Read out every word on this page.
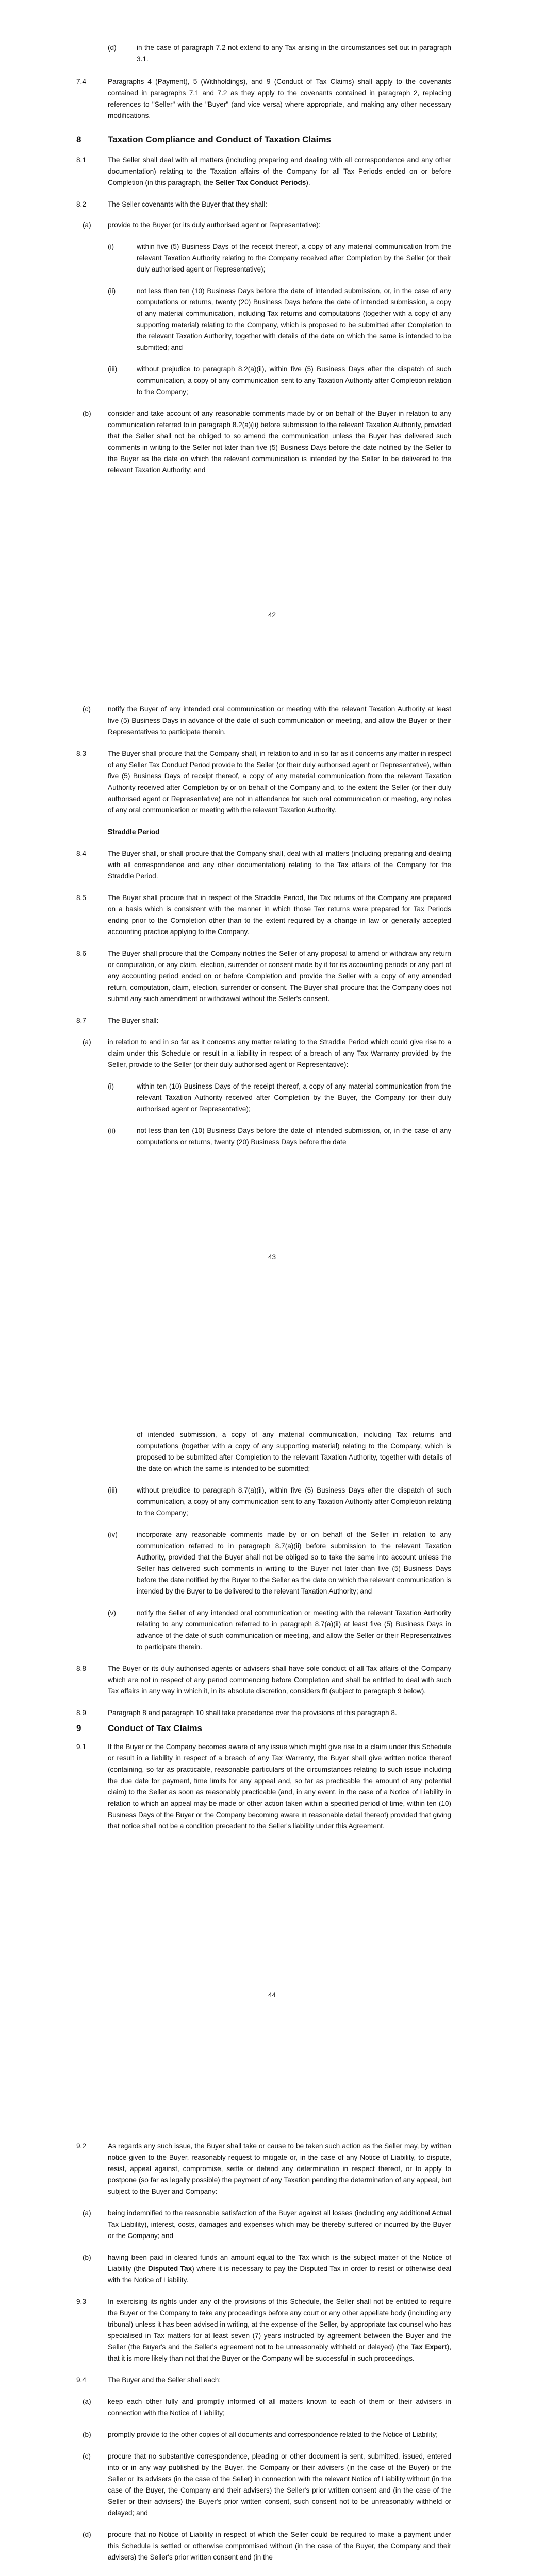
(d)	in the case of paragraph 7.2 not extend to any Tax arising in the circumstances set out in paragraph 3.1.
7.4	Paragraphs 4 (Payment), 5 (Withholdings), and 9 (Conduct of Tax Claims) shall apply to the covenants contained in paragraphs 7.1 and 7.2 as they apply to the covenants contained in paragraph 2, replacing references to "Seller" with the "Buyer" (and vice versa) where appropriate, and making any other necessary modifications.
8	Taxation Compliance and Conduct of Taxation Claims
8.1	The Seller shall deal with all matters (including preparing and dealing with all correspondence and any other documentation) relating to the Taxation affairs of the Company for all Tax Periods ended on or before Completion (in this paragraph, the Seller Tax Conduct Periods).
8.2	The Seller covenants with the Buyer that they shall:
(a) provide to the Buyer (or its duly authorised agent or Representative):
(i)	within five (5) Business Days of the receipt thereof, a copy of any material communication from the relevant Taxation Authority relating to the Company received after Completion by the Seller (or their duly authorised agent or Representative);
(ii)	not less than ten (10) Business Days before the date of intended submission, or, in the case of any computations or returns, twenty (20) Business Days before the date of intended submission, a copy of any material communication, including Tax returns and computations (together with a copy of any supporting material) relating to the Company, which is proposed to be submitted after Completion to the relevant Taxation Authority, together with details of the date on which the same is intended to be submitted; and
(iii)	without prejudice to paragraph 8.2(a)(ii), within five (5) Business Days after the dispatch of such communication, a copy of any communication sent to any Taxation Authority after Completion relation to the Company;
(b) consider and take account of any reasonable comments made by or on behalf of the Buyer in relation to any communication referred to in paragraph 8.2(a)(ii) before submission to the relevant Taxation Authority, provided that the Seller shall not be obliged to so amend the communication unless the Buyer has delivered such comments in writing to the Seller not later than five (5) Business Days before the date notified by the Seller to the Buyer as the date on which the relevant communication is intended by the Seller to be delivered to the relevant Taxation Authority; and
42
(c) notify the Buyer of any intended oral communication or meeting with the relevant Taxation Authority at least five (5) Business Days in advance of the date of such communication or meeting, and allow the Buyer or their Representatives to participate therein.
8.3	The Buyer shall procure that the Company shall, in relation to and in so far as it concerns any matter in respect of any Seller Tax Conduct Period provide to the Seller (or their duly authorised agent or Representative), within five (5) Business Days of receipt thereof, a copy of any material communication from the relevant Taxation Authority received after Completion by or on behalf of the Company and, to the extent the Seller (or their duly authorised agent or Representative) are not in attendance for such oral communication or meeting, any notes of any oral communication or meeting with the relevant Taxation Authority.
Straddle Period
8.4	The Buyer shall, or shall procure that the Company shall, deal with all matters (including preparing and dealing with all correspondence and any other documentation) relating to the Tax affairs of the Company for the Straddle Period.
8.5	The Buyer shall procure that in respect of the Straddle Period, the Tax returns of the Company are prepared on a basis which is consistent with the manner in which those Tax returns were prepared for Tax Periods ending prior to the Completion other than to the extent required by a change in law or generally accepted accounting practice applying to the Company.
8.6	The Buyer shall procure that the Company notifies the Seller of any proposal to amend or withdraw any return or computation, or any claim, election, surrender or consent made by it for its accounting periods or any part of any accounting period ended on or before Completion and provide the Seller with a copy of any amended return, computation, claim, election, surrender or consent. The Buyer shall procure that the Company does not submit any such amendment or withdrawal without the Seller's consent.
8.7	The Buyer shall:
(a) in relation to and in so far as it concerns any matter relating to the Straddle Period which could give rise to a claim under this Schedule or result in a liability in respect of a breach of any Tax Warranty provided by the Seller, provide to the Seller (or their duly authorised agent or Representative):
(i)	within ten (10) Business Days of the receipt thereof, a copy of any material communication from the relevant Taxation Authority received after Completion by the Buyer, the Company (or their duly authorised agent or Representative);
(ii)	not less than ten (10) Business Days before the date of intended submission, or, in the case of any computations or returns, twenty (20) Business Days before the date
43
of intended submission, a copy of any material communication, including Tax returns and computations (together with a copy of any supporting material) relating to the Company, which is proposed to be submitted after Completion to the relevant Taxation Authority, together with details of the date on which the same is intended to be submitted;
(iii)	without prejudice to paragraph 8.7(a)(ii), within five (5) Business Days after the dispatch of such communication, a copy of any communication sent to any Taxation Authority after Completion relating to the Company;
(iv)	incorporate any reasonable comments made by or on behalf of the Seller in relation to any communication referred to in paragraph 8.7(a)(ii) before submission to the relevant Taxation Authority, provided that the Buyer shall not be obliged so to take the same into account unless the Seller has delivered such comments in writing to the Buyer not later than five (5) Business Days before the date notified by the Buyer to the Seller as the date on which the relevant communication is intended by the Buyer to be delivered to the relevant Taxation Authority; and
(v)	notify the Seller of any intended oral communication or meeting with the relevant Taxation Authority relating to any communication referred to in paragraph 8.7(a)(ii) at least five (5) Business Days in advance of the date of such communication or meeting, and allow the Seller or their Representatives to participate therein.
8.8	The Buyer or its duly authorised agents or advisers shall have sole conduct of all Tax affairs of the Company which are not in respect of any period commencing before Completion and shall be entitled to deal with such Tax affairs in any way in which it, in its absolute discretion, considers fit (subject to paragraph 9 below).
8.9	Paragraph 8 and paragraph 10 shall take precedence over the provisions of this paragraph 8.
9	Conduct of Tax Claims
9.1	If the Buyer or the Company becomes aware of any issue which might give rise to a claim under this Schedule or result in a liability in respect of a breach of any Tax Warranty, the Buyer shall give written notice thereof (containing, so far as practicable, reasonable particulars of the circumstances relating to such issue including the due date for payment, time limits for any appeal and, so far as practicable the amount of any potential claim) to the Seller as soon as reasonably practicable (and, in any event, in the case of a Notice of Liability in relation to which an appeal may be made or other action taken within a specified period of time, within ten (10) Business Days of the Buyer or the Company becoming aware in reasonable detail thereof) provided that giving that notice shall not be a condition precedent to the Seller's liability under this Agreement.
44
9.2	As regards any such issue, the Buyer shall take or cause to be taken such action as the Seller may, by written notice given to the Buyer, reasonably request to mitigate or, in the case of any Notice of Liability, to dispute, resist, appeal against, compromise, settle or defend any determination in respect thereof, or to apply to postpone (so far as legally possible) the payment of any Taxation pending the determination of any appeal, but subject to the Buyer and Company:
(a) being indemnified to the reasonable satisfaction of the Buyer against all losses (including any additional Actual Tax Liability), interest, costs, damages and expenses which may be thereby suffered or incurred by the Buyer or the Company; and
(b) having been paid in cleared funds an amount equal to the Tax which is the subject matter of the Notice of Liability (the Disputed Tax) where it is necessary to pay the Disputed Tax in order to resist or otherwise deal with the Notice of Liability.
9.3	In exercising its rights under any of the provisions of this Schedule, the Seller shall not be entitled to require the Buyer or the Company to take any proceedings before any court or any other appellate body (including any tribunal) unless it has been advised in writing, at the expense of the Seller, by appropriate tax counsel who has specialised in Tax matters for at least seven (7) years instructed by agreement between the Buyer and the Seller (the Buyer's and the Seller's agreement not to be unreasonably withheld or delayed) (the Tax Expert), that it is more likely than not that the Buyer or the Company will be successful in such proceedings.
9.4	The Buyer and the Seller shall each:
(a) keep each other fully and promptly informed of all matters known to each of them or their advisers in connection with the Notice of Liability;
(b) promptly provide to the other copies of all documents and correspondence related to the Notice of Liability;
(c) procure that no substantive correspondence, pleading or other document is sent, submitted, issued, entered into or in any way published by the Buyer, the Company or their advisers (in the case of the Buyer) or the Seller or its advisers (in the case of the Seller) in connection with the relevant Notice of Liability without (in the case of the Buyer, the Company and their advisers) the Seller's prior written consent and (in the case of the Seller or their advisers) the Buyer's prior written consent, such consent not to be unreasonably withheld or delayed; and
(d) procure that no Notice of Liability in respect of which the Seller could be required to make a payment under this Schedule is settled or otherwise compromised without (in the case of the Buyer, the Company and their advisers) the Seller's prior written consent and (in the
